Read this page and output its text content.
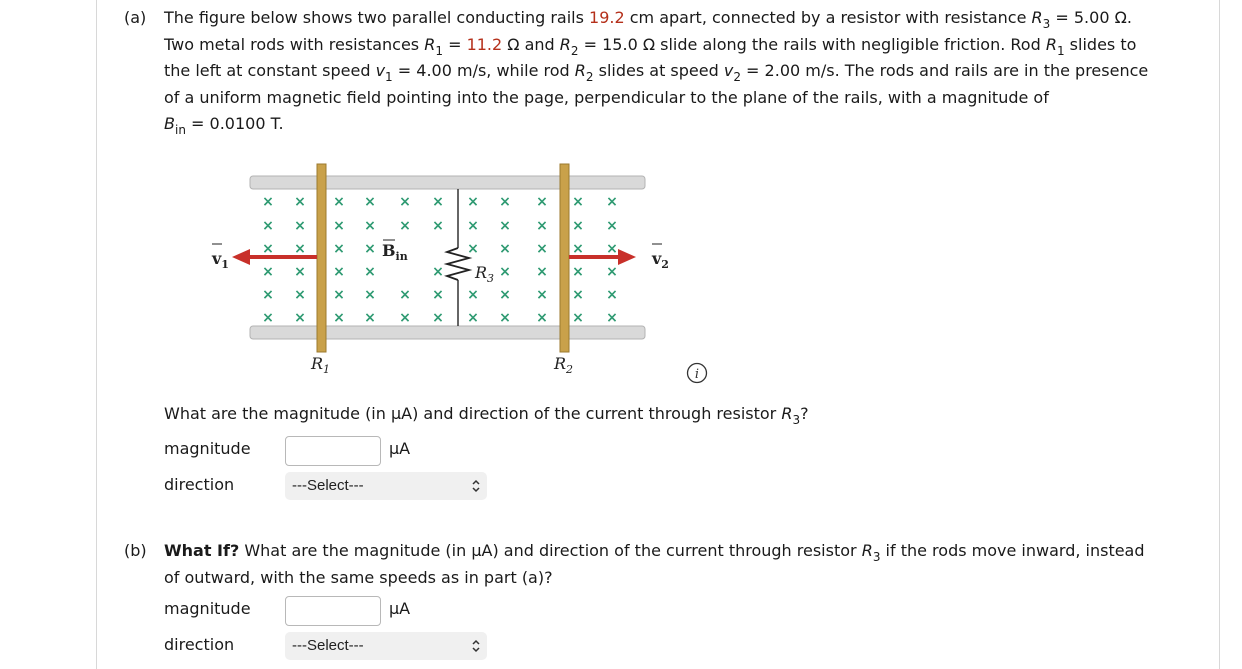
(a) The figure below shows two parallel conducting rails 19.2 cm apart, connected by a resistor with resistance $R_3 = 5.00$ Ω.
Two metal rods with resistances $R_1 = 11.2$ Ω and $R_2 = 15.0$ Ω slide along the rails with negligible friction. Rod $R_1$ slides to
the left at constant speed $v_1 = 4.00$ m/s, while rod $R_2$ slides at speed $v_2 = 2.00$ m/s. The rods and rails are in the presence
of a uniform magnetic field pointing into the page, perpendicular to the plane of the rails, with a magnitude of
$B_{in} = 0.0100$ T.
× × × × × × × × × × ×
× × × × × × × × × × ×
× × × ×	× × × × ×
× × × ×	×	× × × ×
× × × × × × × × × × ×
× × × × × × × × × × ×
$v_1$	$v_2$
$B_{in}$
$R_3$
$R_1$	$R_2$	i
What are the magnitude (in μA) and direction of the current through resistor $R_3$?
magnitude	μA
direction	---Select---
(b) What If? What are the magnitude (in μA) and direction of the current through resistor $R_3$ if the rods move inward, instead
of outward, with the same speeds as in part (a)?
magnitude	μA
direction	---Select---
